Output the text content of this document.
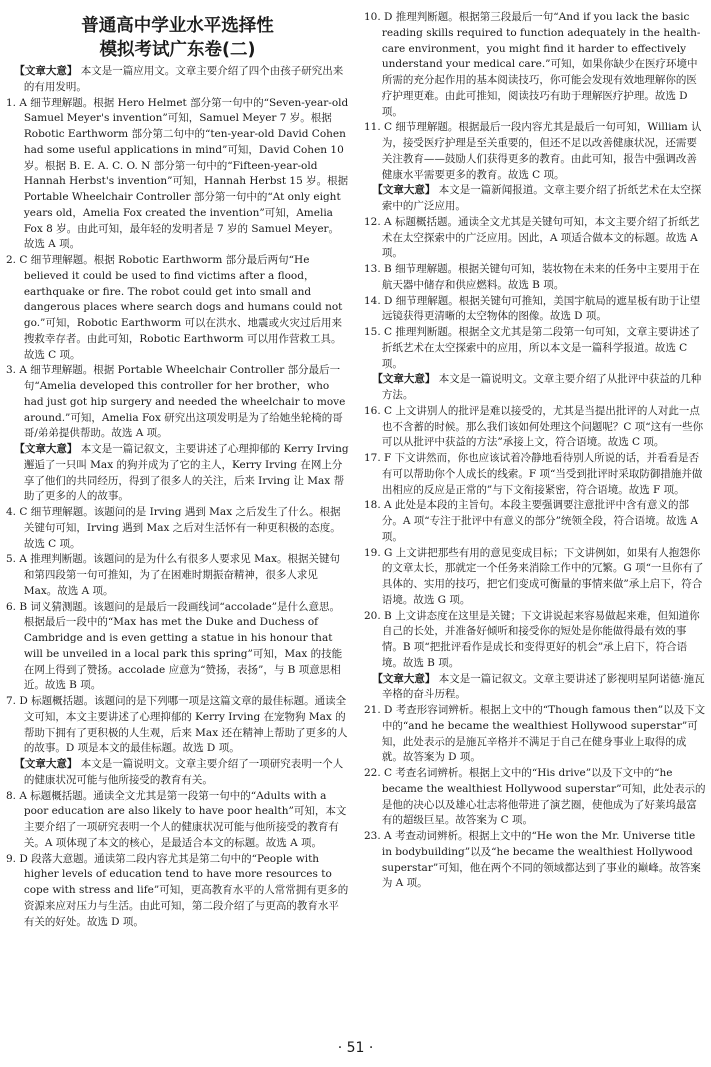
普通高中学业水平选择性
模拟考试广东卷(二)
【文章大意】 本文是一篇应用文。文章主要介绍了四个由孩子研究出来的有用发明。
1. A 细节理解题。根据 Hero Helmet 部分第一句中的“Seven-year-old Samuel Meyer's invention”可知，Samuel Meyer 7 岁。根据 Robotic Earthworm 部分第二句中的“ten-year-old David Cohen had some useful applications in mind”可知，David Cohen 10 岁。根据 B. E. A. C. O. N 部分第一句中的“Fifteen-year-old Hannah Herbst's invention”可知，Hannah Herbst 15 岁。根据 Portable Wheelchair Controller 部分第一句中的“At only eight years old，Amelia Fox created the invention”可知，Amelia Fox 8 岁。由此可知，最年轻的发明者是 7 岁的 Samuel Meyer。故选 A 项。
2. C 细节理解题。根据 Robotic Earthworm 部分最后两句“He believed it could be used to find victims after a flood，earthquake or fire. The robot could get into small and dangerous places where search dogs and humans could not go.”可知，Robotic Earthworm 可以在洪水、地震或火灾过后用来搜救幸存者。由此可知，Robotic Earthworm 可以用作营救工具。故选 C 项。
3. A 细节理解题。根据 Portable Wheelchair Controller 部分最后一句“Amelia developed this controller for her brother，who had just got hip surgery and needed the wheelchair to move around.”可知，Amelia Fox 研究出这项发明是为了给她坐轮椅的哥哥/弟弟提供帮助。故选 A 项。
【文章大意】 本文是一篇记叙文，主要讲述了心理抑郁的 Kerry Irving 邂逅了一只叫 Max 的狗并成为了它的主人，Kerry Irving 在网上分享了他们的共同经历，得到了很多人的关注，后来 Irving 让 Max 帮助了更多的人的故事。
4. C 细节理解题。该题问的是 Irving 遇到 Max 之后发生了什么。根据关键句可知，Irving 遇到 Max 之后对生活怀有一种更积极的态度。故选 C 项。
5. A 推理判断题。该题问的是为什么有很多人要求见 Max。根据关键句和第四段第一句可推知，为了在困难时期振奋精神，很多人求见 Max。故选 A 项。
6. B 词义猜测题。该题问的是最后一段画线词“accolade”是什么意思。根据最后一段中的“Max has met the Duke and Duchess of Cambridge and is even getting a statue in his honour that will be unveiled in a local park this spring”可知，Max 的技能在网上得到了赞扬。accolade 应意为“赞扬，表扬”，与 B 项意思相近。故选 B 项。
7. D 标题概括题。该题问的是下列哪一项是这篇文章的最佳标题。通读全文可知，本文主要讲述了心理抑郁的 Kerry Irving 在宠物狗 Max 的帮助下拥有了更积极的人生观，后来 Max 还在精神上帮助了更多的人的故事。D 项是本文的最佳标题。故选 D 项。
【文章大意】 本文是一篇说明文。文章主要介绍了一项研究表明一个人的健康状况可能与他所接受的教育有关。
8. A 标题概括题。通读全文尤其是第一段第一句中的“Adults with a poor education are also likely to have poor health”可知，本文主要介绍了一项研究表明一个人的健康状况可能与他所接受的教育有关。A 项体现了本文的核心，是最适合本文的标题。故选 A 项。
9. D 段落大意题。通读第二段内容尤其是第二句中的“People with higher levels of education tend to have more resources to cope with stress and life”可知，更高教育水平的人常常拥有更多的资源来应对压力与生活。由此可知，第二段介绍了与更高的教育水平有关的好处。故选 D 项。
10. D 推理判断题。根据第三段最后一句“And if you lack the basic reading skills required to function adequately in the health-care environment，you might find it harder to effectively understand your medical care.”可知，如果你缺少在医疗环境中所需的充分起作用的基本阅读技巧，你可能会发现有效地理解你的医疗护理更难。由此可推知，阅读技巧有助于理解医疗护理。故选 D 项。
11. C 细节理解题。根据最后一段内容尤其是最后一句可知，William 认为，接受医疗护理是至关重要的，但还不足以改善健康状况，还需要关注教育——鼓励人们获得更多的教育。由此可知，报告中强调改善健康水平需要更多的教育。故选 C 项。
【文章大意】 本文是一篇新闻报道。文章主要介绍了折纸艺术在太空探索中的广泛应用。
12. A 标题概括题。通读全文尤其是关键句可知，本文主要介绍了折纸艺术在太空探索中的广泛应用。因此，A 项适合做本文的标题。故选 A 项。
13. B 细节理解题。根据关键句可知，装妆物在未来的任务中主要用于在航天器中储存和供应燃料。故选 B 项。
14. D 细节理解题。根据关键句可推知，美国宇航局的遮星板有助于让望远镜获得更清晰的太空物体的图像。故选 D 项。
15. C 推理判断题。根据全文尤其是第二段第一句可知，文章主要讲述了折纸艺术在太空探索中的应用，所以本文是一篇科学报道。故选 C 项。
【文章大意】 本文是一篇说明文。文章主要介绍了从批评中获益的几种方法。
16. C 上文讲别人的批评是难以接受的，尤其是当提出批评的人对此一点也不含蓄的时候。那么我们该如何处理这个问题呢？C 项“这有一些你可以从批评中获益的方法”承接上文，符合语境。故选 C 项。
17. F 下文讲然而，你也应该试着冷静地看待别人所说的话，并看看是否有可以帮助你个人成长的线索。F 项“当受到批评时采取防御措施并做出相应的反应是正常的”与下文衔接紧密，符合语境。故选 F 项。
18. A 此处是本段的主旨句。本段主要强调要注意批评中含有意义的部分。A 项“专注于批评中有意义的部分”统领全段，符合语境。故选 A 项。
19. G 上文讲把那些有用的意见变成目标；下文讲例如，如果有人抱怨你的文章太长，那就定一个任务来消除工作中的冗繁。G 项“一旦你有了具体的、实用的技巧，把它们变成可衡量的事情来做”承上启下，符合语境。故选 G 项。
20. B 上文讲态度在这里是关键；下文讲说起来容易做起来难，但知道你自己的长处，并准备好倾听和接受你的短处是你能做得最有效的事情。B 项“把批评看作是成长和变得更好的机会”承上启下，符合语境。故选 B 项。
【文章大意】 本文是一篇记叙文。文章主要讲述了影视明星阿诺德·施瓦辛格的奋斗历程。
21. D 考查形容词辨析。根据上文中的“Though famous then”以及下文中的“and he became the wealthiest Hollywood superstar”可知，此处表示的是施瓦辛格并不满足于自己在健身事业上取得的成就。故答案为 D 项。
22. C 考查名词辨析。根据上文中的“His drive”以及下文中的“he became the wealthiest Hollywood superstar”可知，此处表示的是他的决心以及雄心壮志将他带进了演艺圈，使他成为了好莱坞最富有的超级巨星。故答案为 C 项。
23. A 考查动词辨析。根据上文中的“He won the Mr. Universe title in bodybuilding”以及“he became the wealthiest Hollywood superstar”可知，他在两个不同的领域都达到了事业的巅峰。故答案为 A 项。
· 51 ·
